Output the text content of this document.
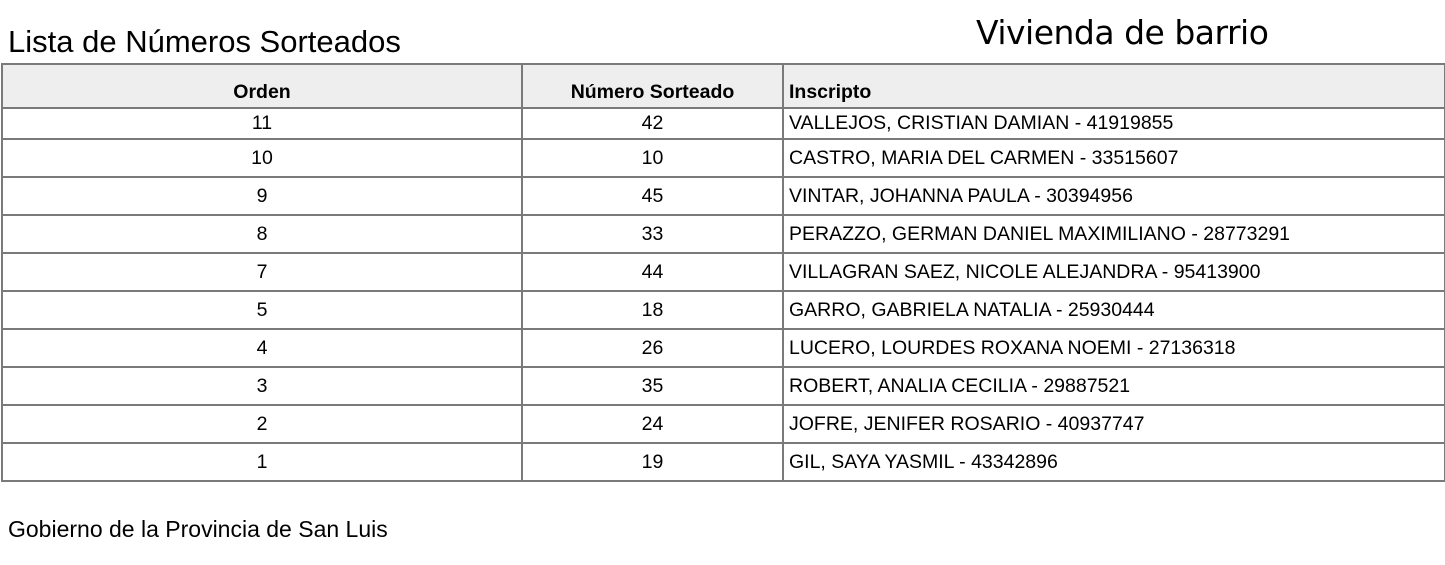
Lista de Números Sorteados	Vivienda de barrio
Orden	Número Sorteado	Inscripto
11	42	VALLEJOS, CRISTIAN DAMIAN - 41919855
10	10	CASTRO, MARIA DEL CARMEN - 33515607
9	45	VINTAR, JOHANNA PAULA - 30394956
8	33	PERAZZO, GERMAN DANIEL MAXIMILIANO - 28773291
7	44	VILLAGRAN SAEZ, NICOLE ALEJANDRA - 95413900
5	18	GARRO, GABRIELA NATALIA - 25930444
4	26	LUCERO, LOURDES ROXANA NOEMI - 27136318
3	35	ROBERT, ANALIA CECILIA - 29887521
2	24	JOFRE, JENIFER ROSARIO - 40937747
1	19	GIL, SAYA YASMIL - 43342896
Gobierno de la Provincia de San Luis
